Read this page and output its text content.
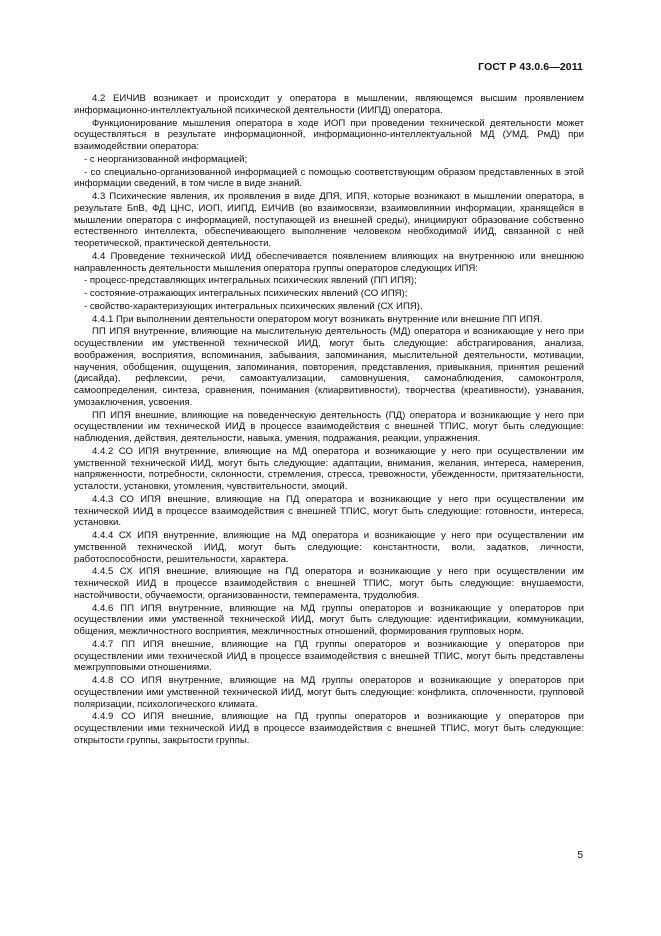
ГОСТ Р 43.0.6—2011

4.2 ЕИЧИВ возникает и происходит у оператора в мышлении, являющемся высшим проявлением информационно-интеллектуальной психической деятельности (ИИПД) оператора.

Функционирование мышления оператора в ходе ИОП при проведении технической деятельности может осуществляться в результате информационной, информационно-интеллектуальной МД (УМД, РмД) при взаимодействии оператора:

- с неорганизованной информацией;

- со специально-организованной информацией с помощью соответствующим образом представленных в этой информации сведений, в том числе в виде знаний.

4.3 Психические явления, их проявления в виде ДПЯ, ИПЯ, которые возникают в мышлении оператора, в результате БпВ, ФД ЦНС, ИОП, ИИПД, ЕИЧИВ (во взаимосвязи, взаимовлиянии информации, хранящейся в мышлении оператора с информацией, поступающей из внешней среды), инициируют образование собственно естественного интеллекта, обеспечивающего выполнение человеком необходимой ИИД, связанной с ней теоретической, практической деятельности.

4.4 Проведение технической ИИД обеспечивается появлением влияющих на внутреннюю или внешнюю направленность деятельности мышления оператора группы операторов следующих ИПЯ:

- процесс-представляющих интегральных психических явлений (ПП ИПЯ);

- состояние-отражающих интегральных психических явлений (СО ИПЯ);

- свойство-характеризующих интегральных психических явлений (СХ ИПЯ).

4.4.1 При выполнении деятельности оператором могут возникать внутренние или внешние ПП ИПЯ.

ПП ИПЯ внутренние, влияющие на мыслительную деятельность (МД) оператора и возникающие у него при осуществлении им умственной технической ИИД, могут быть следующие: абстрагирования, анализа, воображения, восприятия, вспоминания, забывания, запоминания, мыслительной деятельности, мотивации, научения, обобщения, ощущения, запоминания, повторения, представления, привыкания, принятия решений (дисайда), рефлексии, речи, самоактуализации, самовнушения, самонаблюдения, самоконтроля, самоопределения, синтеза, сравнения, понимания (клиарвитивности), творчества (креативности), узнавания, умозаключения, усвоения.

ПП ИПЯ внешние, влияющие на поведенческую деятельность (ПД) оператора и возникающие у него при осуществлении им технической ИИД в процессе взаимодействия с внешней ТПИС, могут быть следующие: наблюдения, действия, деятельности, навыка, умения, подражания, реакции, упражнения.

4.4.2 СО ИПЯ внутренние, влияющие на МД оператора и возникающие у него при осуществлении им умственной технической ИИД, могут быть следующие: адаптации, внимания, желания, интереса, намерения, напряженности, потребности, склонности, стремления, стресса, тревожности, убежденности, притязательности, усталости, установки, утомления, чувствительности, эмоций.

4.4.3 СО ИПЯ внешние, влияющие на ПД оператора и возникающие у него при осуществлении им технической ИИД в процессе взаимодействия с внешней ТПИС, могут быть следующие: готовности, интереса, установки.

4.4.4 СХ ИПЯ внутренние, влияющие на МД оператора и возникающие у него при осуществлении им умственной технической ИИД, могут быть следующие: константности, воли, задатков, личности, работоспособности, решительности, характера.

4.4.5 СХ ИПЯ внешние, влияющие на ПД оператора и возникающие у него при осуществлении им технической ИИД в процессе взаимодействия с внешней ТПИС, могут быть следующие: внушаемости, настойчивости, обучаемости, организованности, темперамента, трудолюбия.

4.4.6 ПП ИПЯ внутренние, влияющие на МД группы операторов и возникающие у операторов при осуществлении ими умственной технической ИИД, могут быть следующие: идентификации, коммуникации, общения, межличностного восприятия, межличностных отношений, формирования групповых норм.

4.4.7 ПП ИПЯ внешние, влияющие на ПД группы операторов и возникающие у операторов при осуществлении ими технической ИИД в процессе взаимодействия с внешней ТПИС, могут быть представлены межгрупповыми отношениями.

4.4.8 СО ИПЯ внутренние, влияющие на МД группы операторов и возникающие у операторов при осуществлении ими умственной технической ИИД, могут быть следующие: конфликта, сплоченности, групповой поляризации, психологического климата.

4.4.9 СО ИПЯ внешние, влияющие на ПД группы операторов и возникающие у операторов при осуществлении ими технической ИИД в процессе взаимодействия с внешней ТПИС, могут быть следующие: открытости группы, закрытости группы.

5
